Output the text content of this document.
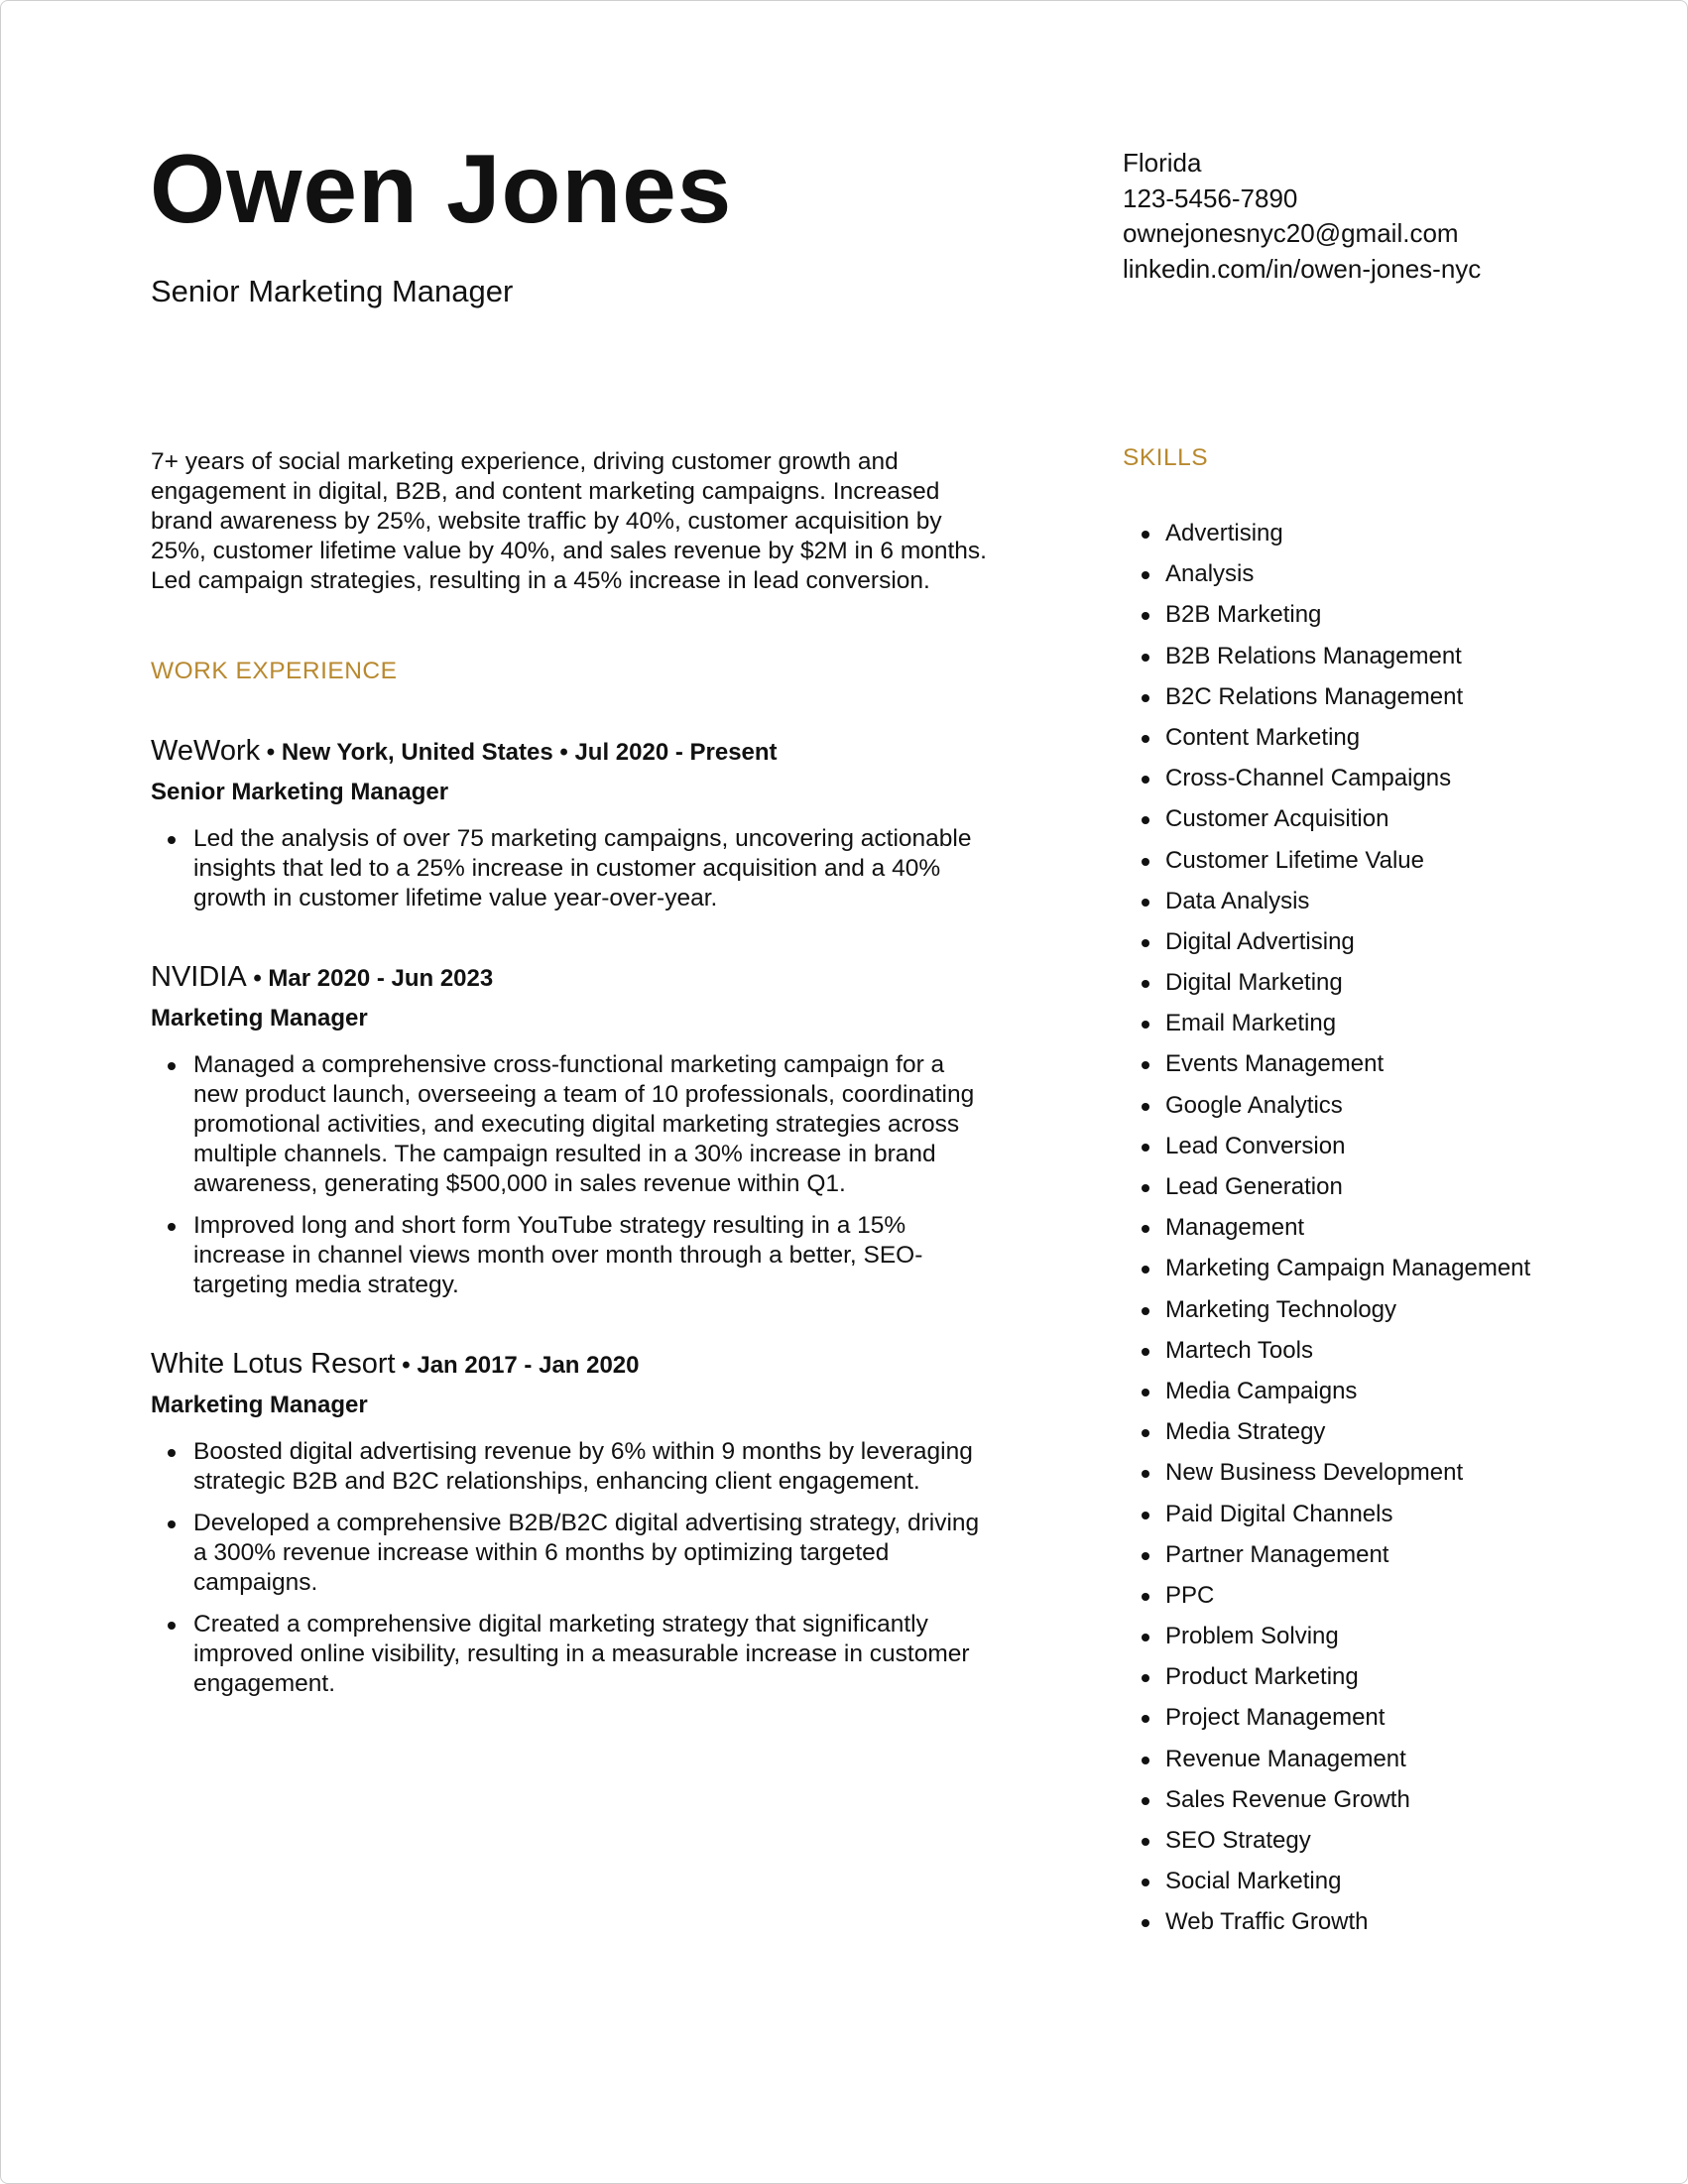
Owen Jones
Senior Marketing Manager
Florida
123-5456-7890
ownejonesnyc20@gmail.com
linkedin.com/in/owen-jones-nyc

7+ years of social marketing experience, driving customer growth and engagement in digital, B2B, and content marketing campaigns. Increased brand awareness by 25%, website traffic by 40%, customer acquisition by 25%, customer lifetime value by 40%, and sales revenue by $2M in 6 months. Led campaign strategies, resulting in a 45% increase in lead conversion.

WORK EXPERIENCE
WeWork • New York, United States • Jul 2020 - Present
Senior Marketing Manager
Led the analysis of over 75 marketing campaigns, uncovering actionable insights that led to a 25% increase in customer acquisition and a 40% growth in customer lifetime value year-over-year.
NVIDIA • Mar 2020 - Jun 2023
Marketing Manager
Managed a comprehensive cross-functional marketing campaign for a new product launch, overseeing a team of 10 professionals, coordinating promotional activities, and executing digital marketing strategies across multiple channels. The campaign resulted in a 30% increase in brand awareness, generating $500,000 in sales revenue within Q1.
Improved long and short form YouTube strategy resulting in a 15% increase in channel views month over month through a better, SEO-targeting media strategy.
White Lotus Resort • Jan 2017 - Jan 2020
Marketing Manager
Boosted digital advertising revenue by 6% within 9 months by leveraging strategic B2B and B2C relationships, enhancing client engagement.
Developed a comprehensive B2B/B2C digital advertising strategy, driving a 300% revenue increase within 6 months by optimizing targeted campaigns.
Created a comprehensive digital marketing strategy that significantly improved online visibility, resulting in a measurable increase in customer engagement.
SKILLS
Advertising
Analysis
B2B Marketing
B2B Relations Management
B2C Relations Management
Content Marketing
Cross-Channel Campaigns
Customer Acquisition
Customer Lifetime Value
Data Analysis
Digital Advertising
Digital Marketing
Email Marketing
Events Management
Google Analytics
Lead Conversion
Lead Generation
Management
Marketing Campaign Management
Marketing Technology
Martech Tools
Media Campaigns
Media Strategy
New Business Development
Paid Digital Channels
Partner Management
PPC
Problem Solving
Product Marketing
Project Management
Revenue Management
Sales Revenue Growth
SEO Strategy
Social Marketing
Web Traffic Growth
